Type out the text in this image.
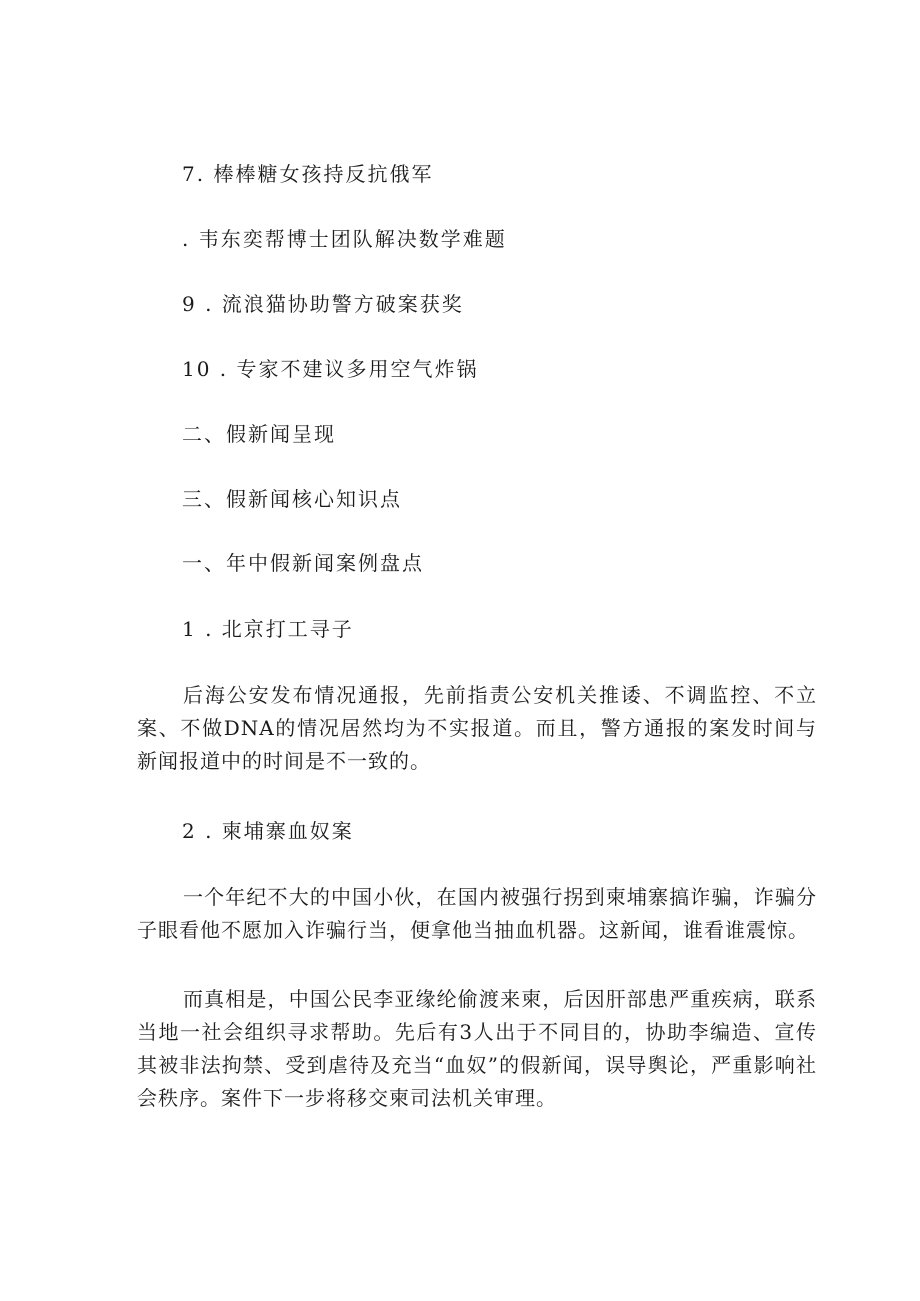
7. 棒棒糖女孩持反抗俄军
. 韦东奕帮博士团队解决数学难题
9 . 流浪猫协助警方破案获奖
10 . 专家不建议多用空气炸锅
二、假新闻呈现
三、假新闻核心知识点
一、年中假新闻案例盘点
1 . 北京打工寻子
后海公安发布情况通报，先前指责公安机关推诿、不调监控、不立案、不做DNA的情况居然均为不实报道。而且，警方通报的案发时间与新闻报道中的时间是不一致的。
2 . 柬埔寨血奴案
一个年纪不大的中国小伙，在国内被强行拐到柬埔寨搞诈骗，诈骗分子眼看他不愿加入诈骗行当，便拿他当抽血机器。这新闻，谁看谁震惊。
而真相是，中国公民李亚缘纶偷渡来柬，后因肝部患严重疾病，联系当地一社会组织寻求帮助。先后有3人出于不同目的，协助李编造、宣传其被非法拘禁、受到虐待及充当“血奴”的假新闻，误导舆论，严重影响社会秩序。案件下一步将移交柬司法机关审理。
